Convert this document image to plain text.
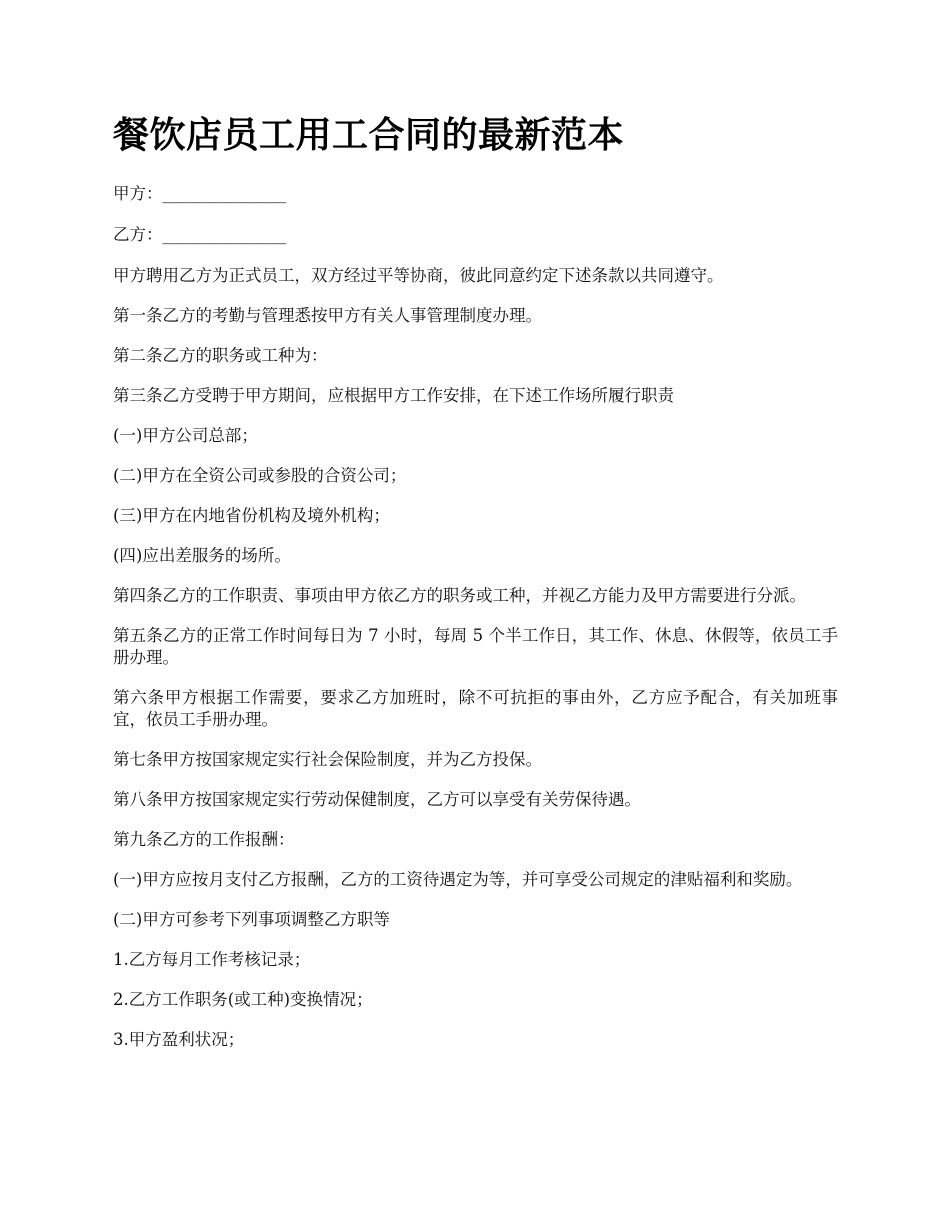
餐饮店员工用工合同的最新范本

甲方：_______________

乙方：_______________

甲方聘用乙方为正式员工，双方经过平等协商，彼此同意约定下述条款以共同遵守。

第一条乙方的考勤与管理悉按甲方有关人事管理制度办理。

第二条乙方的职务或工种为：

第三条乙方受聘于甲方期间，应根据甲方工作安排，在下述工作场所履行职责

(一)甲方公司总部；

(二)甲方在全资公司或参股的合资公司；

(三)甲方在内地省份机构及境外机构；

(四)应出差服务的场所。

第四条乙方的工作职责、事项由甲方依乙方的职务或工种，并视乙方能力及甲方需要进行分派。

第五条乙方的正常工作时间每日为 7 小时，每周 5 个半工作日，其工作、休息、休假等，依员工手册办理。

第六条甲方根据工作需要，要求乙方加班时，除不可抗拒的事由外，乙方应予配合，有关加班事宜，依员工手册办理。

第七条甲方按国家规定实行社会保险制度，并为乙方投保。

第八条甲方按国家规定实行劳动保健制度，乙方可以享受有关劳保待遇。

第九条乙方的工作报酬：

(一)甲方应按月支付乙方报酬，乙方的工资待遇定为等，并可享受公司规定的津贴福利和奖励。

(二)甲方可参考下列事项调整乙方职等

1.乙方每月工作考核记录；

2.乙方工作职务(或工种)变换情况；

3.甲方盈利状况；
